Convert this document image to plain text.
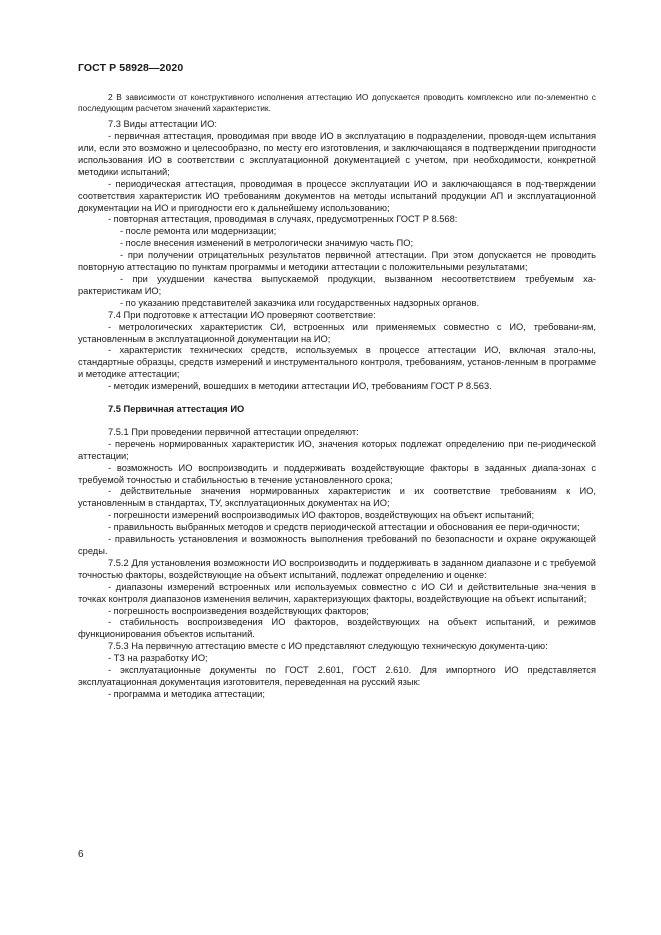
ГОСТ Р 58928—2020

2 В зависимости от конструктивного исполнения аттестацию ИО допускается проводить комплексно или по-элементно с последующим расчетом значений характеристик.

7.3 Виды аттестации ИО:

- первичная аттестация, проводимая при вводе ИО в эксплуатацию в подразделении, проводя-щем испытания или, если это возможно и целесообразно, по месту его изготовления, и заключающаяся в подтверждении пригодности использования ИО в соответствии с эксплуатационной документацией с учетом, при необходимости, конкретной методики испытаний;

- периодическая аттестация, проводимая в процессе эксплуатации ИО и заключающаяся в под-тверждении соответствия характеристик ИО требованиям документов на методы испытаний продукции АП и эксплуатационной документации на ИО и пригодности его к дальнейшему использованию;

- повторная аттестация, проводимая в случаях, предусмотренных ГОСТ Р 8.568:

- после ремонта или модернизации;

- после внесения изменений в метрологически значимую часть ПО;

- при получении отрицательных результатов первичной аттестации. При этом допускается не проводить повторную аттестацию по пунктам программы и методики аттестации с положительными результатами;

- при ухудшении качества выпускаемой продукции, вызванном несоответствием требуемым ха-рактеристикам ИО;

- по указанию представителей заказчика или государственных надзорных органов.

7.4 При подготовке к аттестации ИО проверяют соответствие:

- метрологических характеристик СИ, встроенных или применяемых совместно с ИО, требовани-ям, установленным в эксплуатационной документации на ИО;

- характеристик технических средств, используемых в процессе аттестации ИО, включая этало-ны, стандартные образцы, средств измерений и инструментального контроля, требованиям, установ-ленным в программе и методике аттестации;

- методик измерений, вошедших в методики аттестации ИО, требованиям ГОСТ Р 8.563.

7.5 Первичная аттестация ИО

7.5.1 При проведении первичной аттестации определяют:

- перечень нормированных характеристик ИО, значения которых подлежат определению при пе-риодической аттестации;

- возможность ИО воспроизводить и поддерживать воздействующие факторы в заданных диапа-зонах с требуемой точностью и стабильностью в течение установленного срока;

- действительные значения нормированных характеристик и их соответствие требованиям к ИО, установленным в стандартах, ТУ, эксплуатационных документах на ИО;

- погрешности измерений воспроизводимых ИО факторов, воздействующих на объект испытаний;

- правильность выбранных методов и средств периодической аттестации и обоснования ее пери-одичности;

- правильность установления и возможность выполнения требований по безопасности и охране окружающей среды.

7.5.2 Для установления возможности ИО воспроизводить и поддерживать в заданном диапазоне и с требуемой точностью факторы, воздействующие на объект испытаний, подлежат определению и оценке:

- диапазоны измерений встроенных или используемых совместно с ИО СИ и действительные зна-чения в точках контроля диапазонов изменения величин, характеризующих факторы, воздействующие на объект испытаний;

- погрешность воспроизведения воздействующих факторов;

- стабильность воспроизведения ИО факторов, воздействующих на объект испытаний, и режимов функционирования объектов испытаний.

7.5.3 На первичную аттестацию вместе с ИО представляют следующую техническую документа-цию:

- ТЗ на разработку ИО;

- эксплуатационные документы по ГОСТ 2.601, ГОСТ 2.610. Для импортного ИО представляется эксплуатационная документация изготовителя, переведенная на русский язык:

- программа и методика аттестации;

6
